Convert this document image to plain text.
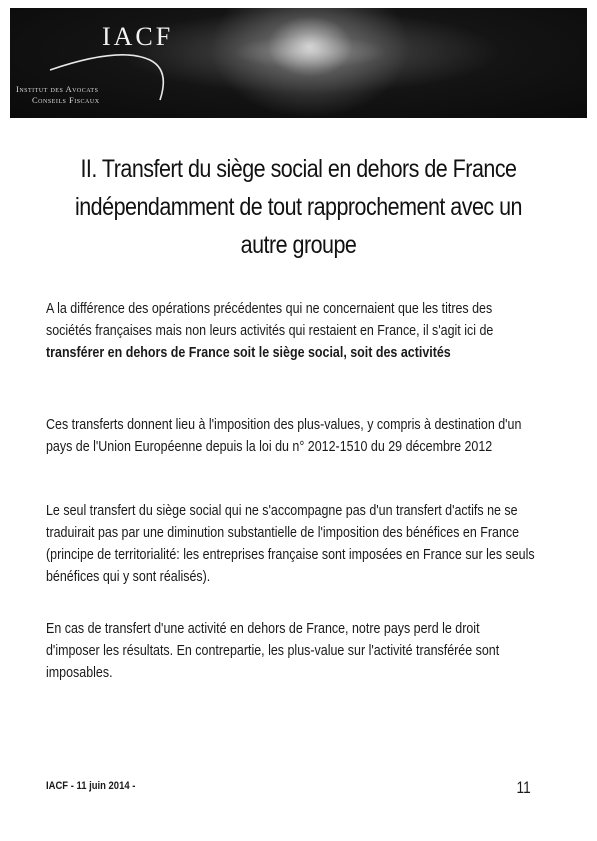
IACF
Institut des Avocats
Conseils Fiscaux
II. Transfert du siège social en dehors de France
indépendamment de tout rapprochement avec un autre groupe
A la différence des opérations précédentes qui ne concernaient que les titres des sociétés françaises mais non leurs activités qui restaient en France, il s'agit ici de transférer en dehors de France soit le siège social, soit des activités
Ces transferts donnent lieu à l'imposition des plus-values, y compris à destination d'un pays de l'Union Européenne depuis la loi du n° 2012-1510 du 29 décembre 2012
Le seul transfert du siège social qui ne s'accompagne pas d'un transfert d'actifs ne se traduirait pas par une diminution substantielle de l'imposition des bénéfices en France (principe de territorialité: les entreprises française sont imposées en France sur les seuls bénéfices qui y sont réalisés).
En cas de transfert d'une activité en dehors de France, notre pays perd le droit d'imposer les résultats. En contrepartie, les plus-value sur l'activité transférée sont imposables.
IACF - 11 juin 2014 -	11
